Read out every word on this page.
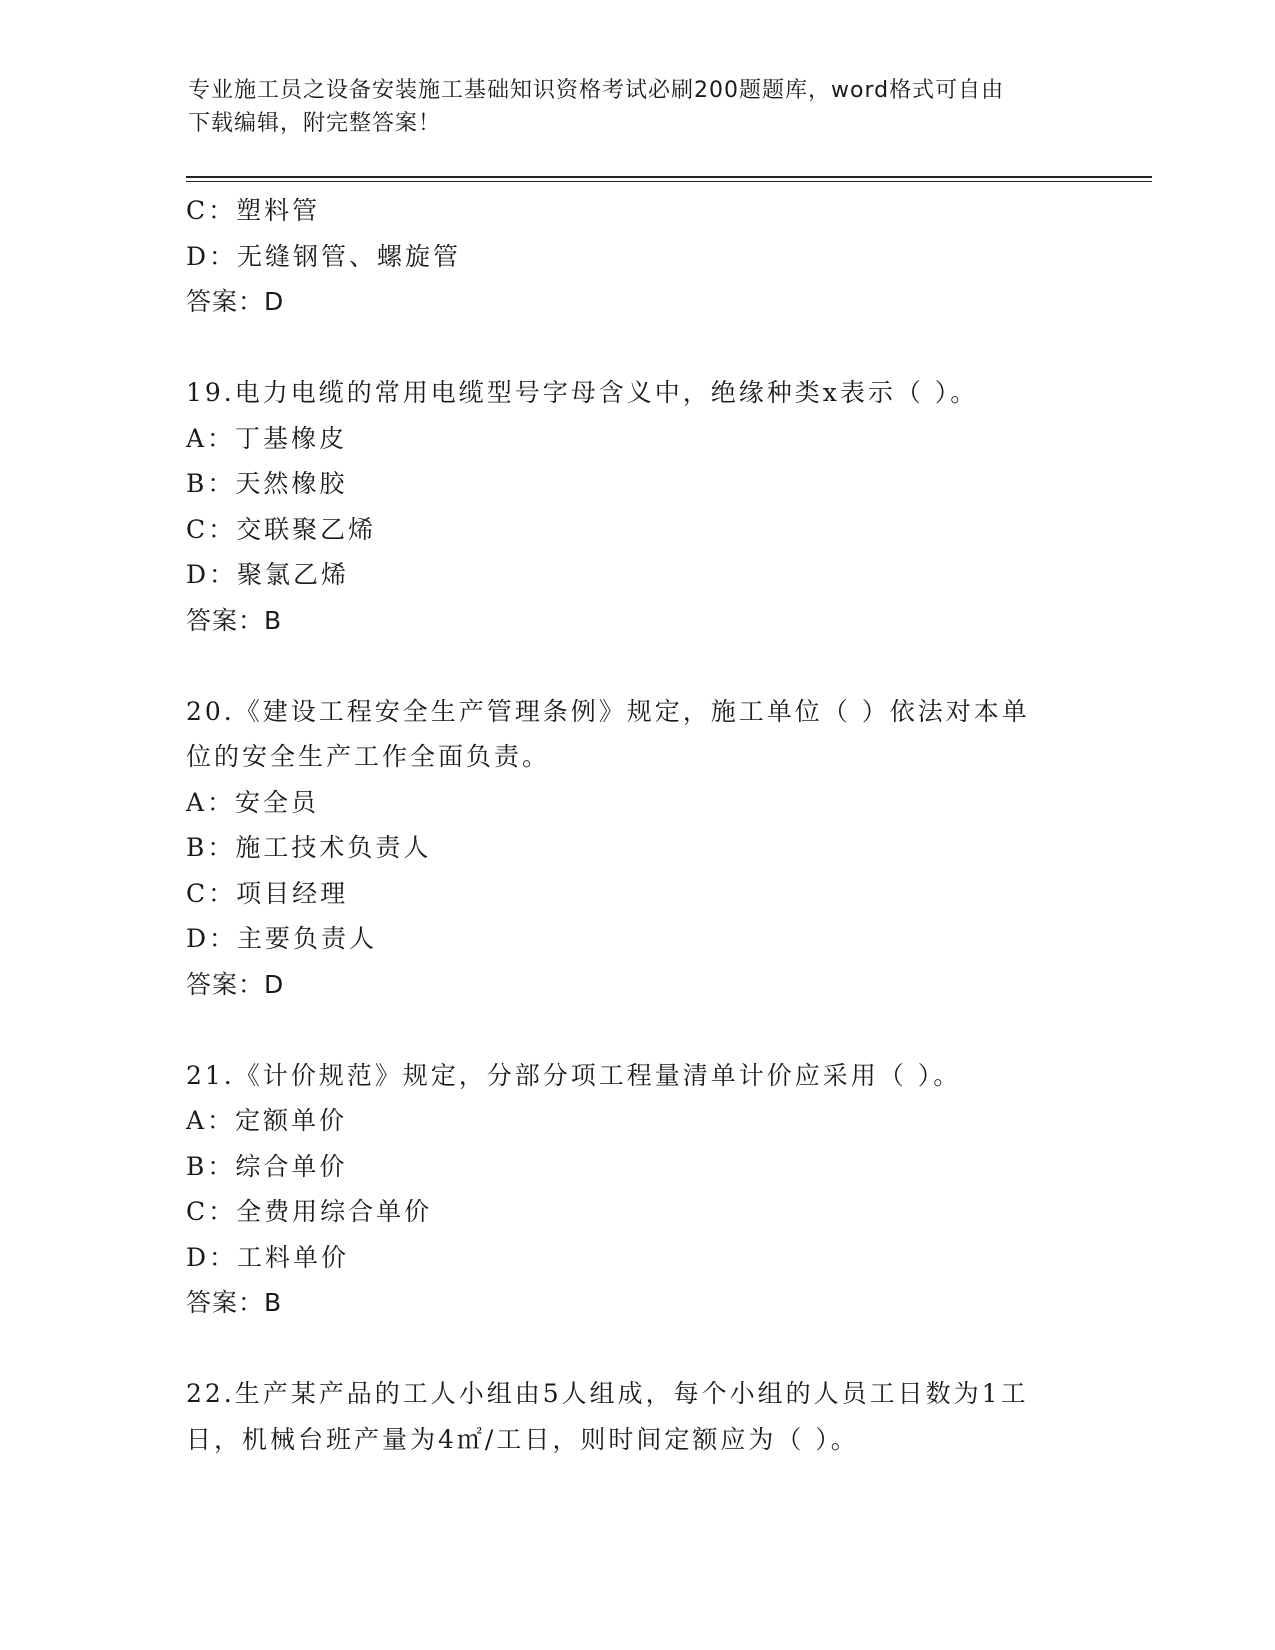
专业施工员之设备安装施工基础知识资格考试必刷200题题库，word格式可自由
下载编辑，附完整答案！
C：塑料管
D：无缝钢管、螺旋管
答案：D
19.电力电缆的常用电缆型号字母含义中，绝缘种类x表示（ ）。
A：丁基橡皮
B：天然橡胶
C：交联聚乙烯
D：聚氯乙烯
答案：B
20.《建设工程安全生产管理条例》规定，施工单位（ ）依法对本单
位的安全生产工作全面负责。
A：安全员
B：施工技术负责人
C：项目经理
D：主要负责人
答案：D
21.《计价规范》规定，分部分项工程量清单计价应采用（ ）。
A：定额单价
B：综合单价
C：全费用综合单价
D：工料单价
答案：B
22.生产某产品的工人小组由5人组成，每个小组的人员工日数为1工
日，机械台班产量为4㎡/工日，则时间定额应为（ ）。
